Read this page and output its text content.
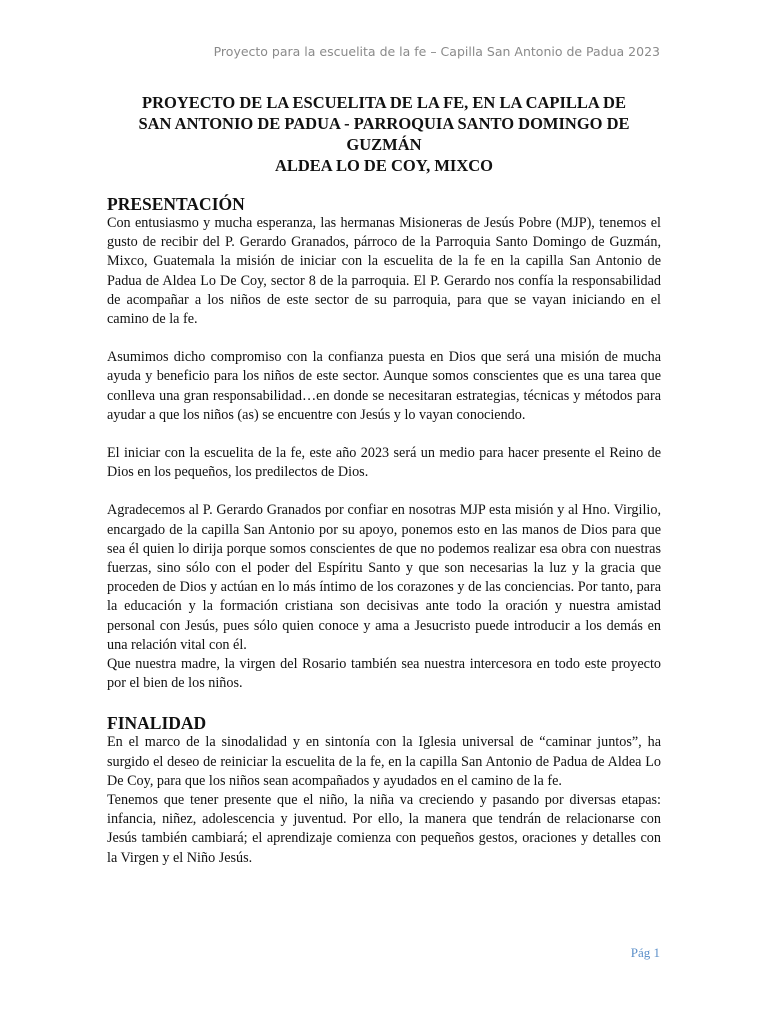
Proyecto para la escuelita de la fe – Capilla San Antonio de Padua 2023
PROYECTO DE LA ESCUELITA DE LA FE, EN LA CAPILLA DE
SAN ANTONIO DE PADUA - PARROQUIA SANTO DOMINGO DE
GUZMÁN
ALDEA LO DE COY, MIXCO
PRESENTACIÓN

Con entusiasmo y mucha esperanza, las hermanas Misioneras de Jesús Pobre (MJP), tenemos el gusto de recibir del P. Gerardo Granados, párroco de la Parroquia Santo Domingo de Guzmán, Mixco, Guatemala la misión de iniciar con la escuelita de la fe en la capilla San Antonio de Padua de Aldea Lo De Coy, sector 8 de la parroquia. El P. Gerardo nos confía la responsabilidad de acompañar a los niños de este sector de su parroquia, para que se vayan iniciando en el camino de la fe.

Asumimos dicho compromiso con la confianza puesta en Dios que será una misión de mucha ayuda y beneficio para los niños de este sector. Aunque somos conscientes que es una tarea que conlleva una gran responsabilidad…en donde se necesitaran estrategias, técnicas y métodos para ayudar a que los niños (as) se encuentre con Jesús y lo vayan conociendo.

El iniciar con la escuelita de la fe, este año 2023 será un medio para hacer presente el Reino de Dios en los pequeños, los predilectos de Dios.

Agradecemos al P. Gerardo Granados por confiar en nosotras MJP esta misión y al Hno. Virgilio, encargado de la capilla San Antonio por su apoyo, ponemos esto en las manos de Dios para que sea él quien lo dirija porque somos conscientes de que no podemos realizar esa obra con nuestras fuerzas, sino sólo con el poder del Espíritu Santo y que son necesarias la luz y la gracia que proceden de Dios y actúan en lo más íntimo de los corazones y de las conciencias. Por tanto, para la educación y la formación cristiana son decisivas ante todo la oración y nuestra amistad personal con Jesús, pues sólo quien conoce y ama a Jesucristo puede introducir a los demás en una relación vital con él.

Que nuestra madre, la virgen del Rosario también sea nuestra intercesora en todo este proyecto por el bien de los niños.

FINALIDAD

En el marco de la sinodalidad y en sintonía con la Iglesia universal de “caminar juntos”, ha surgido el deseo de reiniciar la escuelita de la fe, en la capilla San Antonio de Padua de Aldea Lo De Coy, para que los niños sean acompañados y ayudados en el camino de la fe.

Tenemos que tener presente que el niño, la niña va creciendo y pasando por diversas etapas: infancia, niñez, adolescencia y juventud. Por ello, la manera que tendrán de relacionarse con Jesús también cambiará; el aprendizaje comienza con pequeños gestos, oraciones y detalles con la Virgen y el Niño Jesús.

Pág 1
